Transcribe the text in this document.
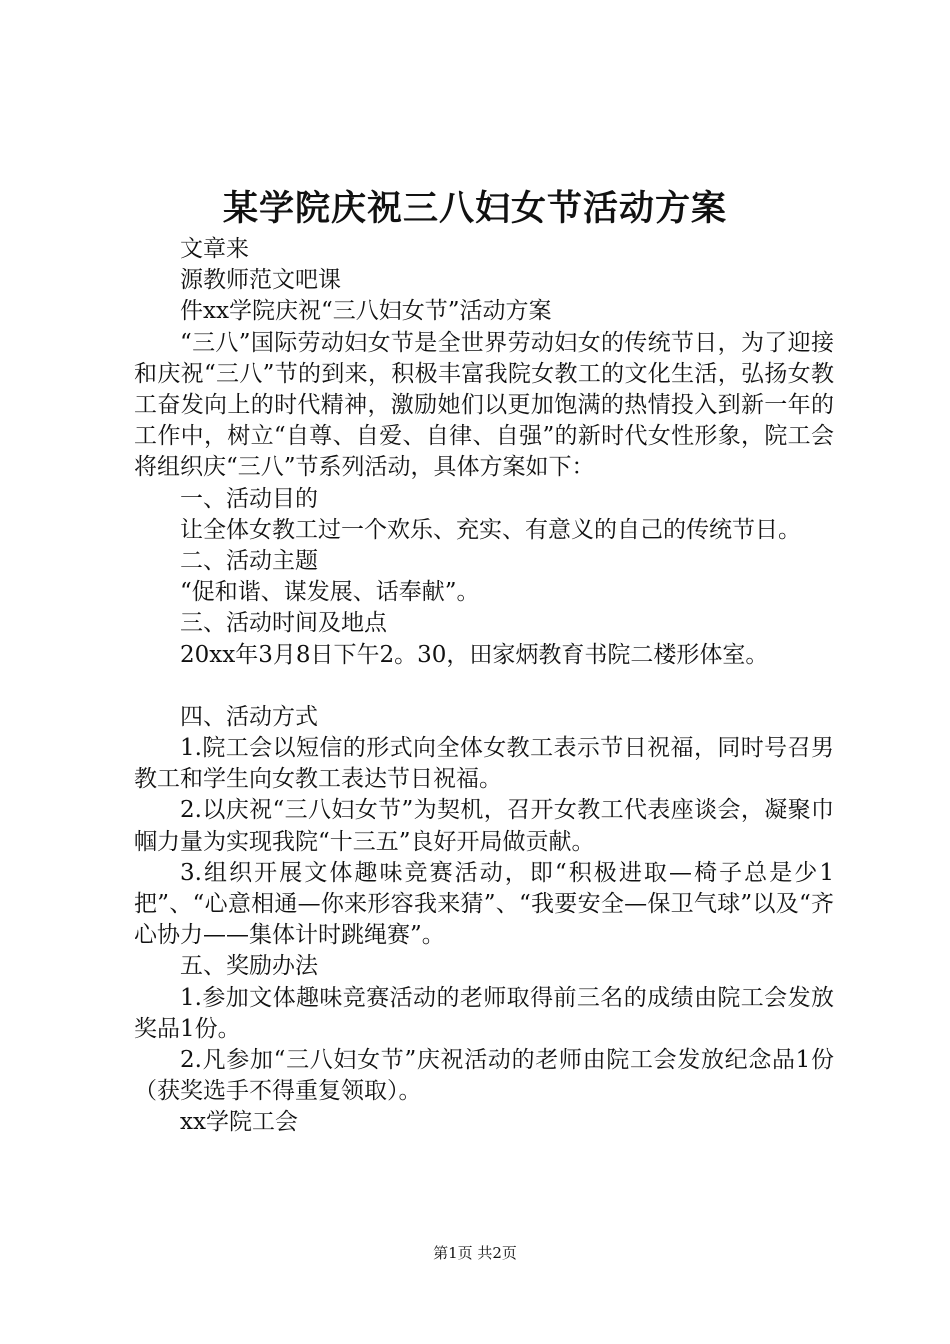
某学院庆祝三八妇女节活动方案

文章来

源教师范文吧课

件xx学院庆祝“三八妇女节”活动方案

“三八”国际劳动妇女节是全世界劳动妇女的传统节日，为了迎接和庆祝“三八”节的到来，积极丰富我院女教工的文化生活，弘扬女教工奋发向上的时代精神，激励她们以更加饱满的热情投入到新一年的工作中，树立“自尊、自爱、自律、自强”的新时代女性形象，院工会将组织庆“三八”节系列活动，具体方案如下：

一、活动目的

让全体女教工过一个欢乐、充实、有意义的自己的传统节日。

二、活动主题

“促和谐、谋发展、话奉献”。

三、活动时间及地点

20xx年3月8日下午2。30，田家炳教育书院二楼形体室。

四、活动方式

1.院工会以短信的形式向全体女教工表示节日祝福，同时号召男教工和学生向女教工表达节日祝福。

2.以庆祝“三八妇女节”为契机，召开女教工代表座谈会，凝聚巾帼力量为实现我院“十三五”良好开局做贡献。

3.组织开展文体趣味竞赛活动，即“积极进取—椅子总是少1把”、“心意相通—你来形容我来猜”、“我要安全—保卫气球”以及“齐心协力——集体计时跳绳赛”。

五、奖励办法

1.参加文体趣味竞赛活动的老师取得前三名的成绩由院工会发放奖品1份。

2.凡参加“三八妇女节”庆祝活动的老师由院工会发放纪念品1份（获奖选手不得重复领取）。

xx学院工会

第1页 共2页
